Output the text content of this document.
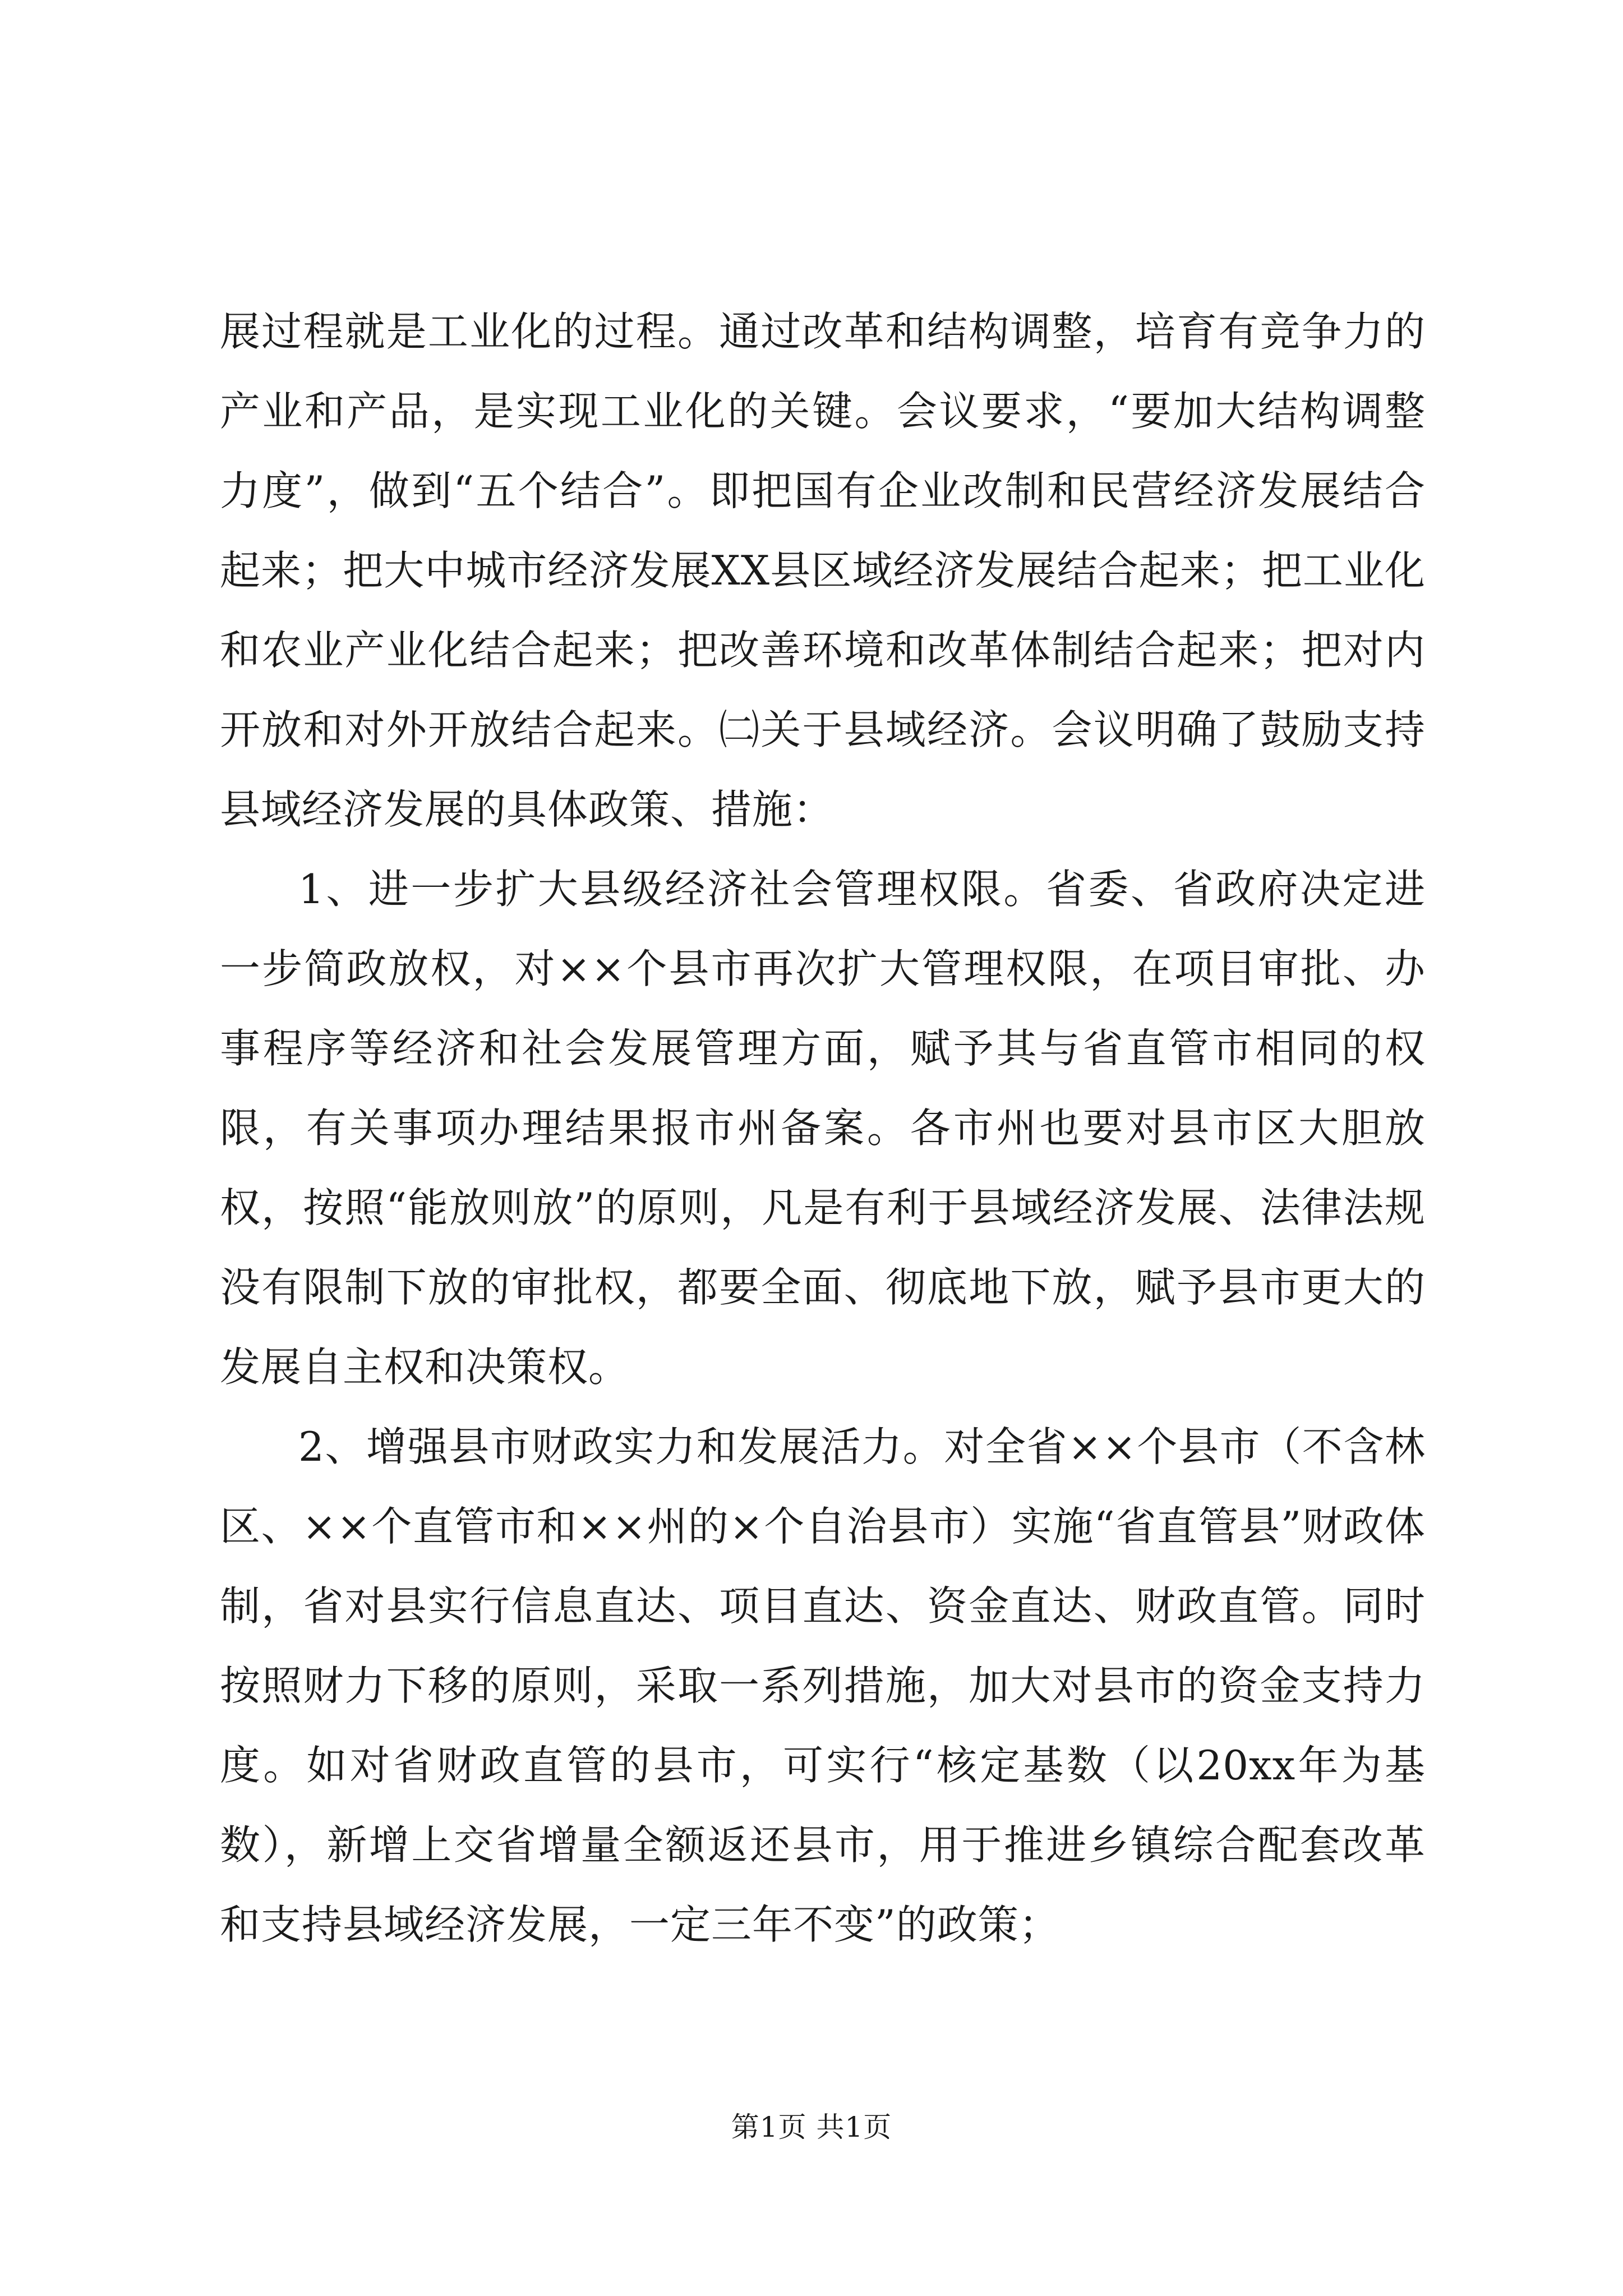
展过程就是工业化的过程。通过改革和结构调整，培育有竞争力的产业和产品，是实现工业化的关键。会议要求，“要加大结构调整力度”，做到“五个结合”。即把国有企业改制和民营经济发展结合起来；把大中城市经济发展XX县区域经济发展结合起来；把工业化和农业产业化结合起来；把改善环境和改革体制结合起来；把对内开放和对外开放结合起来。㈡关于县域经济。会议明确了鼓励支持县域经济发展的具体政策、措施：

1、进一步扩大县级经济社会管理权限。省委、省政府决定进一步简政放权，对××个县市再次扩大管理权限，在项目审批、办事程序等经济和社会发展管理方面，赋予其与省直管市相同的权限，有关事项办理结果报市州备案。各市州也要对县市区大胆放权，按照“能放则放”的原则，凡是有利于县域经济发展、法律法规没有限制下放的审批权，都要全面、彻底地下放，赋予县市更大的发展自主权和决策权。

2、增强县市财政实力和发展活力。对全省××个县市（不含林区、××个直管市和××州的×个自治县市）实施“省直管县”财政体制，省对县实行信息直达、项目直达、资金直达、财政直管。同时按照财力下移的原则，采取一系列措施，加大对县市的资金支持力度。如对省财政直管的县市，可实行“核定基数（以20xx年为基数），新增上交省增量全额返还县市，用于推进乡镇综合配套改革和支持县域经济发展，一定三年不变”的政策；

第1页 共1页
